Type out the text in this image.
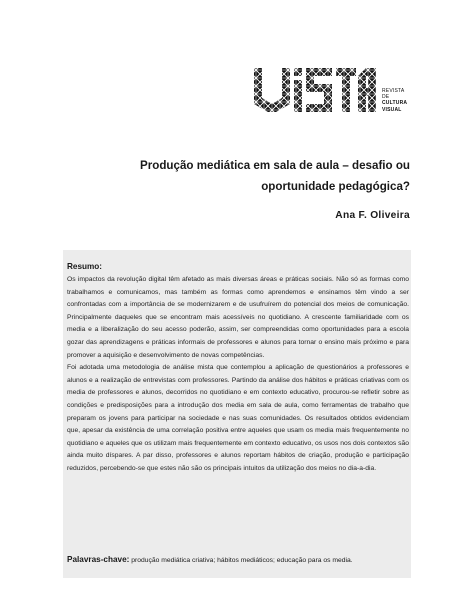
REVISTA
DE
CULTURA
VISUAL
Produção mediática em sala de aula – desafio ou oportunidade pedagógica?
Ana F. Oliveira
Resumo:

Os impactos da revolução digital têm afetado as mais diversas áreas e práticas sociais. Não só as formas como trabalhamos e comunicamos, mas também as formas como aprendemos e ensinamos têm vindo a ser confrontadas com a importância de se modernizarem e de usufruírem do potencial dos meios de comunicação. Principalmente daqueles que se encontram mais acessíveis no quotidiano. A crescente familiaridade com os media e a liberalização do seu acesso poderão, assim, ser compreendidas como oportunidades para a escola gozar das aprendizagens e práticas informais de professores e alunos para tornar o ensino mais próximo e para promover a aquisição e desenvolvimento de novas competências.

Foi adotada uma metodologia de análise mista que contemplou a aplicação de questionários a professores e alunos e a realização de entrevistas com professores. Partindo da análise dos hábitos e práticas criativas com os media de professores e alunos, decorridos no quotidiano e em contexto educativo, procurou-se refletir sobre as condições e predisposições para a introdução dos media em sala de aula, como ferramentas de trabalho que preparam os jovens para participar na sociedade e nas suas comunidades. Os resultados obtidos evidenciam que, apesar da existência de uma correlação positiva entre aqueles que usam os media mais frequentemente no quotidiano e aqueles que os utilizam mais frequentemente em contexto educativo, os usos nos dois contextos são ainda muito díspares. A par disso, professores e alunos reportam hábitos de criação, produção e participação reduzidos, percebendo-se que estes não são os principais intuitos da utilização dos meios no dia-a-dia.

Palavras-chave: produção mediática criativa; hábitos mediáticos; educação para os media.
